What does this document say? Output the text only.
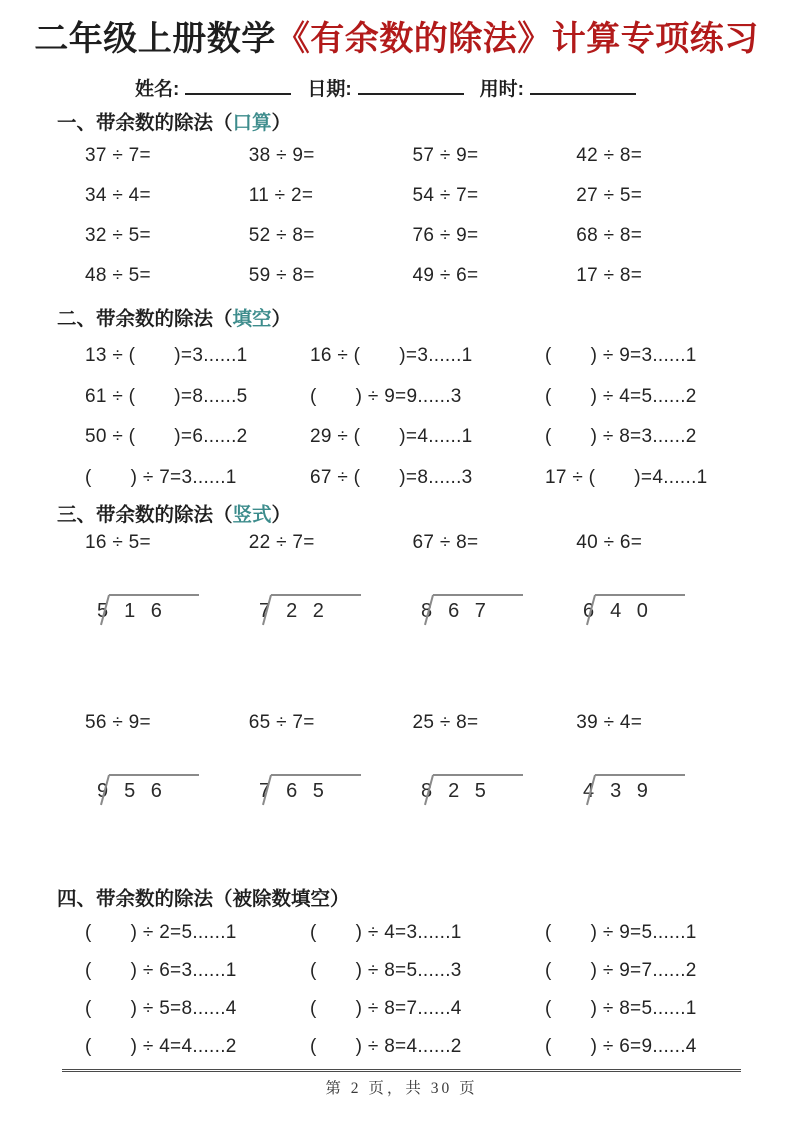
二年级上册数学《有余数的除法》计算专项练习
姓名:	日期:	用时:
一、带余数的除法（口算）
37 ÷ 7=	38 ÷ 9=	57 ÷ 9=	42 ÷ 8=
34 ÷ 4=	11 ÷ 2=	54 ÷ 7=	27 ÷ 5=
32 ÷ 5=	52 ÷ 8=	76 ÷ 9=	68 ÷ 8=
48 ÷ 5=	59 ÷ 8=	49 ÷ 6=	17 ÷ 8=
二、带余数的除法（填空）
13 ÷ (       )=3......1	16 ÷ (       )=3......1	(       ) ÷ 9=3......1
61 ÷ (       )=8......5	(       ) ÷ 9=9......3	(       ) ÷ 4=5......2
50 ÷ (       )=6......2	29 ÷ (       )=4......1	(       ) ÷ 8=3......2
(       ) ÷ 7=3......1	67 ÷ (       )=8......3	17 ÷ (       )=4......1
三、带余数的除法（竖式）
16 ÷ 5=	22 ÷ 7=	67 ÷ 8=	40 ÷ 6=
5 1 6	7 2 2	8 6 7	6 4 0
56 ÷ 9=	65 ÷ 7=	25 ÷ 8=	39 ÷ 4=
9 5 6	7 6 5	8 2 5	4 3 9
四、带余数的除法（被除数填空）
(       ) ÷ 2=5......1	(       ) ÷ 4=3......1	(       ) ÷ 9=5......1
(       ) ÷ 6=3......1	(       ) ÷ 8=5......3	(       ) ÷ 9=7......2
(       ) ÷ 5=8......4	(       ) ÷ 8=7......4	(       ) ÷ 8=5......1
(       ) ÷ 4=4......2	(       ) ÷ 8=4......2	(       ) ÷ 6=9......4
第 2 页，共 30 页
